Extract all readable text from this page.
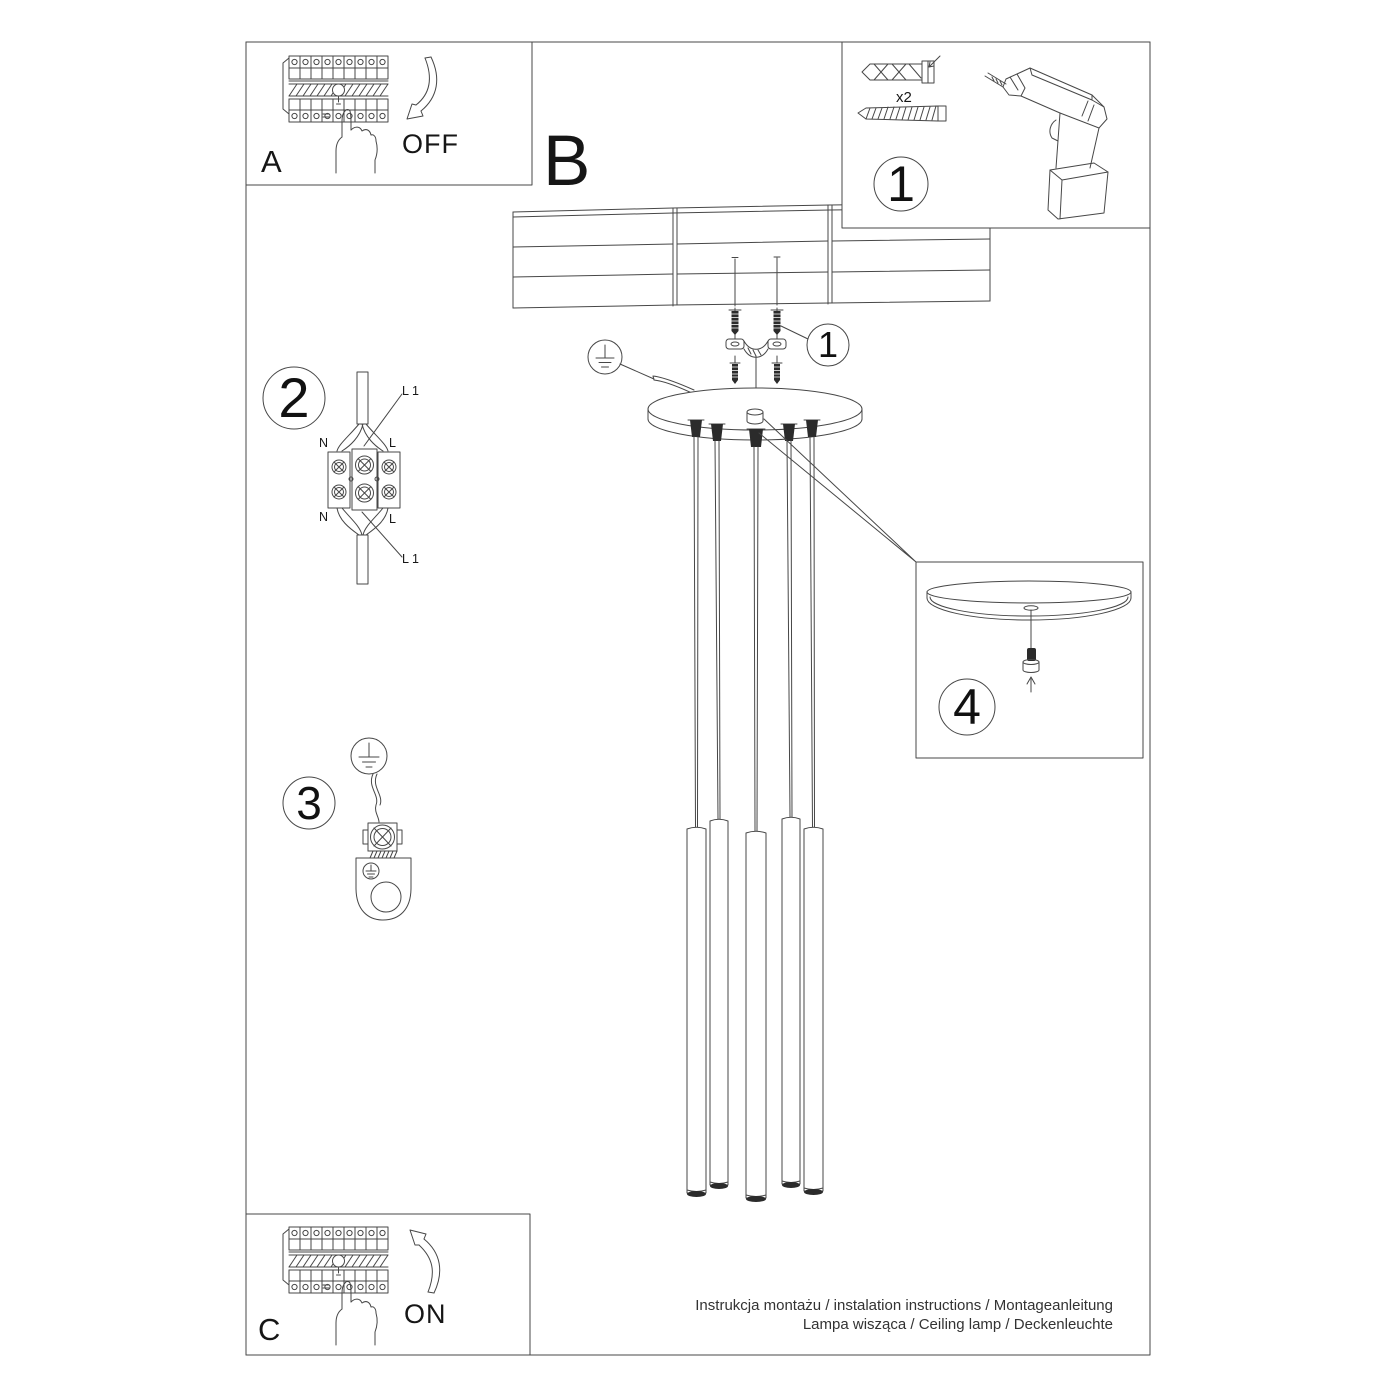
A	OFF B
x2
1
1
2	L 1
N	L
N	L
L 1
3
4
C	ON	Instrukcja montażu / instalation instructions / Montageanleitung
Lampa wisząca / Ceiling lamp / Deckenleuchte
